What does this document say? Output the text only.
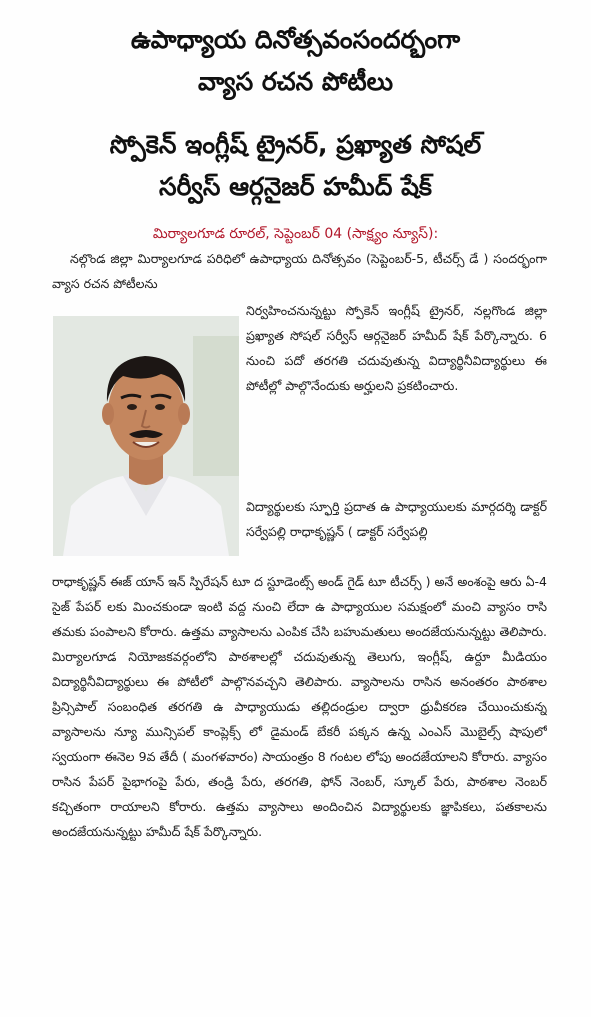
ఉపాధ్యాయ దినోత్సవంసందర్భంగా
వ్యాస రచన పోటీలు
స్పోకెన్ ఇంగ్లీష్ ట్రైనర్, ప్రఖ్యాత సోషల్
సర్వీస్ ఆర్గనైజర్ హమీద్ షేక్
మిర్యాలగూడ రూరల్, సెప్టెంబర్ 04 (సాక్ష్యం న్యూస్):

నల్గొండ జిల్లా మిర్యాలగూడ పరిధిలో ఉపాధ్యాయ దినోత్సవం (సెప్టెంబర్-5, టీచర్స్ డే ) సందర్భంగా వ్యాస రచన పోటీలను

నిర్వహించనున్నట్టు స్పోకెన్ ఇంగ్లీష్ ట్రైనర్, నల్లగొండ జిల్లా ప్రఖ్యాత సోషల్ సర్వీస్ ఆర్గనైజర్ హమీద్ షేక్ పేర్కొన్నారు. 6 నుంచి పదో తరగతి చదువుతున్న విద్యార్థినీవిద్యార్థులు ఈ పోటీల్లో పాల్గొనేందుకు అర్హులని ప్రకటించారు.

విద్యార్థులకు స్ఫూర్తి ప్రదాత ఉ పాధ్యాయులకు మార్గదర్శి డాక్టర్ సర్వేపల్లి రాధాకృష్ణన్ ( డాక్టర్ సర్వేపల్లి

రాధాకృష్ణన్ ఈజ్ యాన్ ఇన్ స్పిరేషన్ టూ ద స్టూడెంట్స్ అండ్ గైడ్ టూ టీచర్స్ ) అనే అంశంపై ఆరు ఏ-4 సైజ్ పేపర్ లకు మించకుండా ఇంటి వద్ద నుంచి లేదా ఉ పాధ్యాయుల సమక్షంలో మంచి వ్యాసం రాసి తమకు పంపాలని కోరారు. ఉత్తమ వ్యాసాలను ఎంపిక చేసి బహుమతులు అందజేయనున్నట్టు తెలిపారు. మిర్యాలగూడ నియోజకవర్గంలోని పాఠశాలల్లో చదువుతున్న తెలుగు, ఇంగ్లీష్, ఉర్దూ మీడియం విద్యార్థినీవిద్యార్థులు ఈ పోటీలో పాల్గొనవచ్చని తెలిపారు. వ్యాసాలను రాసిన అనంతరం పాఠశాల ప్రిన్సిపాల్ సంబంధిత తరగతి ఉ పాధ్యాయుడు తల్లిదండ్రుల ద్వారా ధ్రువీకరణ చేయించుకున్న వ్యాసాలను న్యూ మున్సిపల్ కాంప్లెక్స్ లో డైమండ్ బేకరీ పక్కన ఉన్న ఎంఎస్ మొబైల్స్ షాపులో స్వయంగా ఈనెల 9వ తేదీ ( మంగళవారం) సాయంత్రం 8 గంటల లోపు అందజేయాలని కోరారు. వ్యాసం రాసిన పేపర్ పైభాగంపై పేరు, తండ్రి పేరు, తరగతి, ఫోన్ నెంబర్, స్కూల్ పేరు, పాఠశాల నెంబర్ కచ్చితంగా రాయాలని కోరారు. ఉత్తమ వ్యాసాలు అందించిన విద్యార్థులకు జ్ఞాపికలు, పతకాలను అందజేయనున్నట్టు హమీద్ షేక్ పేర్కొన్నారు.
